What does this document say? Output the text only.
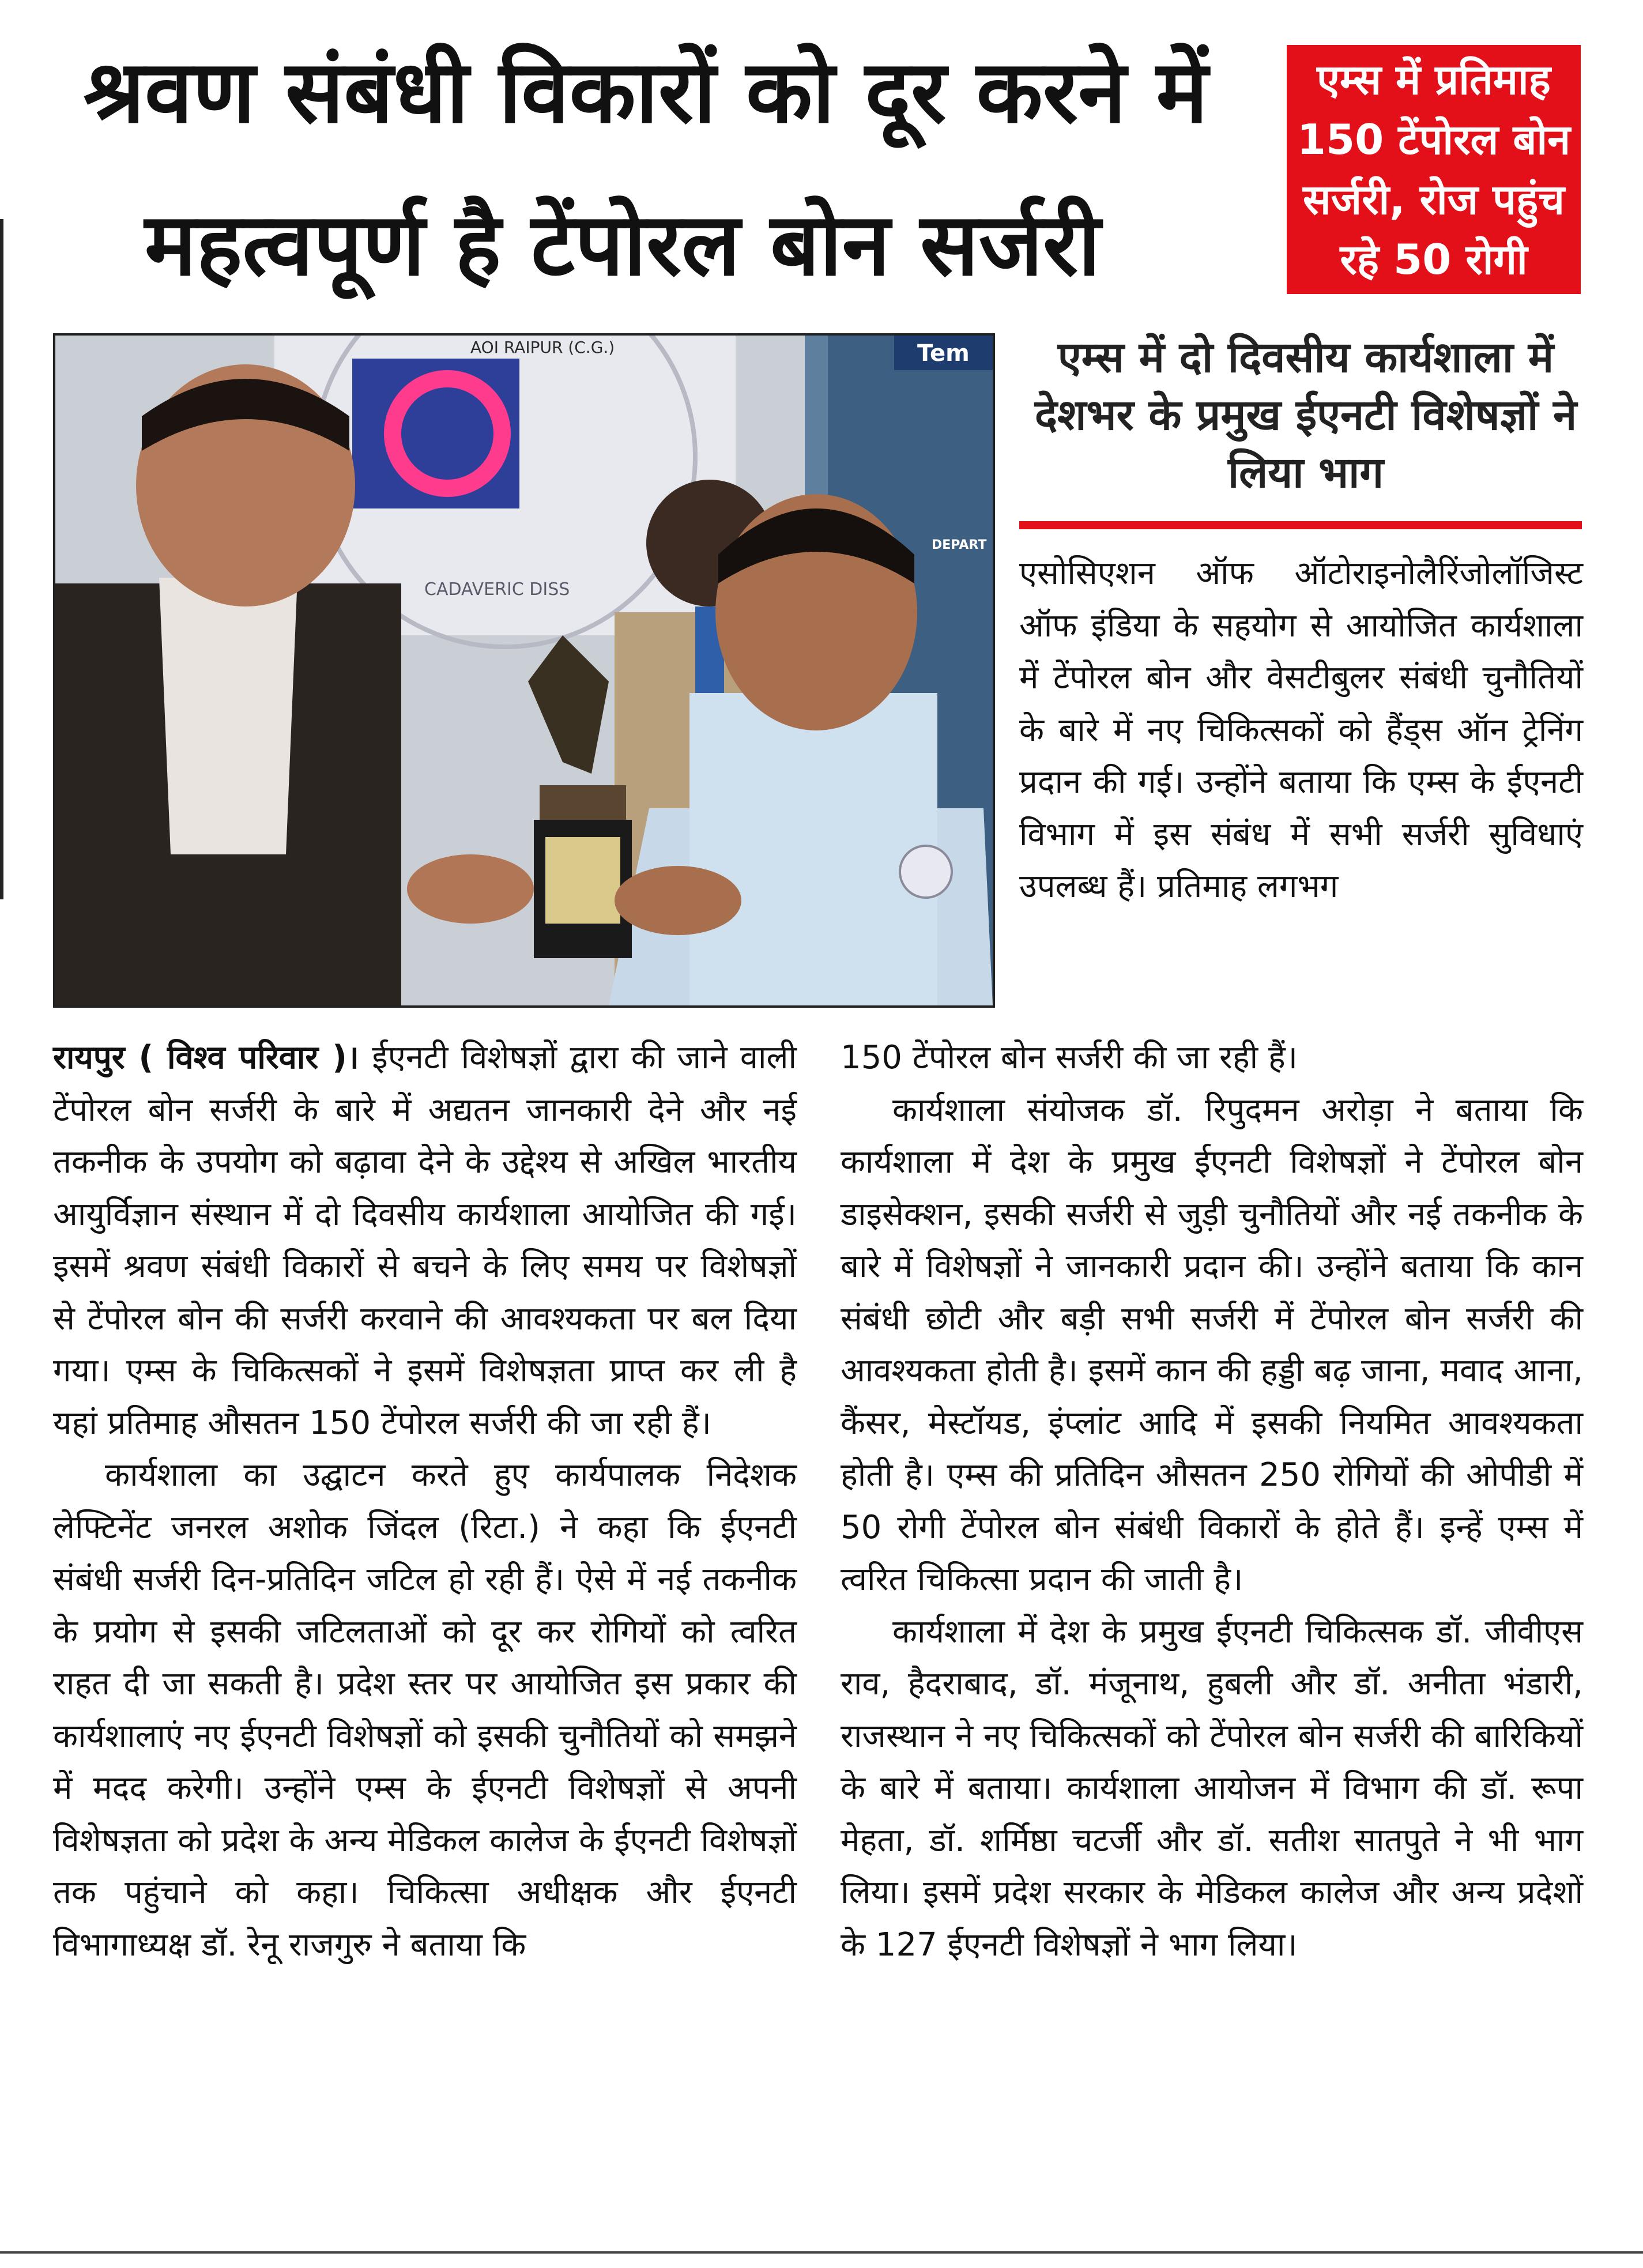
श्रवण संबंधी विकारों को दूर करने में
महत्वपूर्ण है टेंपोरल बोन सर्जरी
एम्स में प्रतिमाह 150 टेंपोरल बोन सर्जरी, रोज पहुंच रहे 50 रोगी
AOI RAIPUR (C.G.)
CADAVERIC DISS
Tem
DEPART
एम्स में दो दिवसीय कार्यशाला में देशभर के प्रमुख ईएनटी विशेषज्ञों ने लिया भाग

एसोसिएशन ऑफ ऑटोराइनोलैरिंजोलॉजिस्ट ऑफ इंडिया के सहयोग से आयोजित कार्यशाला में टेंपोरल बोन और वेसटीबुलर संबंधी चुनौतियों के बारे में नए चिकित्सकों को हैंड्स ऑन ट्रेनिंग प्रदान की गई। उन्होंने बताया कि एम्स के ईएनटी विभाग में इस संबंध में सभी सर्जरी सुविधाएं उपलब्ध हैं। प्रतिमाह लगभग

रायपुर ( विश्व परिवार )। ईएनटी विशेषज्ञों द्वारा की जाने वाली टेंपोरल बोन सर्जरी के बारे में अद्यतन जानकारी देने और नई तकनीक के उपयोग को बढ़ावा देने के उद्देश्य से अखिल भारतीय आयुर्विज्ञान संस्थान में दो दिवसीय कार्यशाला आयोजित की गई। इसमें श्रवण संबंधी विकारों से बचने के लिए समय पर विशेषज्ञों से टेंपोरल बोन की सर्जरी करवाने की आवश्यकता पर बल दिया गया। एम्स के चिकित्सकों ने इसमें विशेषज्ञता प्राप्त कर ली है यहां प्रतिमाह औसतन 150 टेंपोरल सर्जरी की जा रही हैं।

कार्यशाला का उद्घाटन करते हुए कार्यपालक निदेशक लेफ्टिनेंट जनरल अशोक जिंदल (रिटा.) ने कहा कि ईएनटी संबंधी सर्जरी दिन-प्रतिदिन जटिल हो रही हैं। ऐसे में नई तकनीक के प्रयोग से इसकी जटिलताओं को दूर कर रोगियों को त्वरित राहत दी जा सकती है। प्रदेश स्तर पर आयोजित इस प्रकार की कार्यशालाएं नए ईएनटी विशेषज्ञों को इसकी चुनौतियों को समझने में मदद करेगी। उन्होंने एम्स के ईएनटी विशेषज्ञों से अपनी विशेषज्ञता को प्रदेश के अन्य मेडिकल कालेज के ईएनटी विशेषज्ञों तक पहुंचाने को कहा। चिकित्सा अधीक्षक और ईएनटी विभागाध्यक्ष डॉ. रेनू राजगुरु ने बताया कि

150 टेंपोरल बोन सर्जरी की जा रही हैं।

कार्यशाला संयोजक डॉ. रिपुदमन अरोड़ा ने बताया कि कार्यशाला में देश के प्रमुख ईएनटी विशेषज्ञों ने टेंपोरल बोन डाइसेक्शन, इसकी सर्जरी से जुड़ी चुनौतियों और नई तकनीक के बारे में विशेषज्ञों ने जानकारी प्रदान की। उन्होंने बताया कि कान संबंधी छोटी और बड़ी सभी सर्जरी में टेंपोरल बोन सर्जरी की आवश्यकता होती है। इसमें कान की हड्डी बढ़ जाना, मवाद आना, कैंसर, मेस्टॉयड, इंप्लांट आदि में इसकी नियमित आवश्यकता होती है। एम्स की प्रतिदिन औसतन 250 रोगियों की ओपीडी में 50 रोगी टेंपोरल बोन संबंधी विकारों के होते हैं। इन्हें एम्स में त्वरित चिकित्सा प्रदान की जाती है।

कार्यशाला में देश के प्रमुख ईएनटी चिकित्सक डॉ. जीवीएस राव, हैदराबाद, डॉ. मंजूनाथ, हुबली और डॉ. अनीता भंडारी, राजस्थान ने नए चिकित्सकों को टेंपोरल बोन सर्जरी की बारिकियों के बारे में बताया। कार्यशाला आयोजन में विभाग की डॉ. रूपा मेहता, डॉ. शर्मिष्ठा चटर्जी और डॉ. सतीश सातपुते ने भी भाग लिया। इसमें प्रदेश सरकार के मेडिकल कालेज और अन्य प्रदेशों के 127 ईएनटी विशेषज्ञों ने भाग लिया।
